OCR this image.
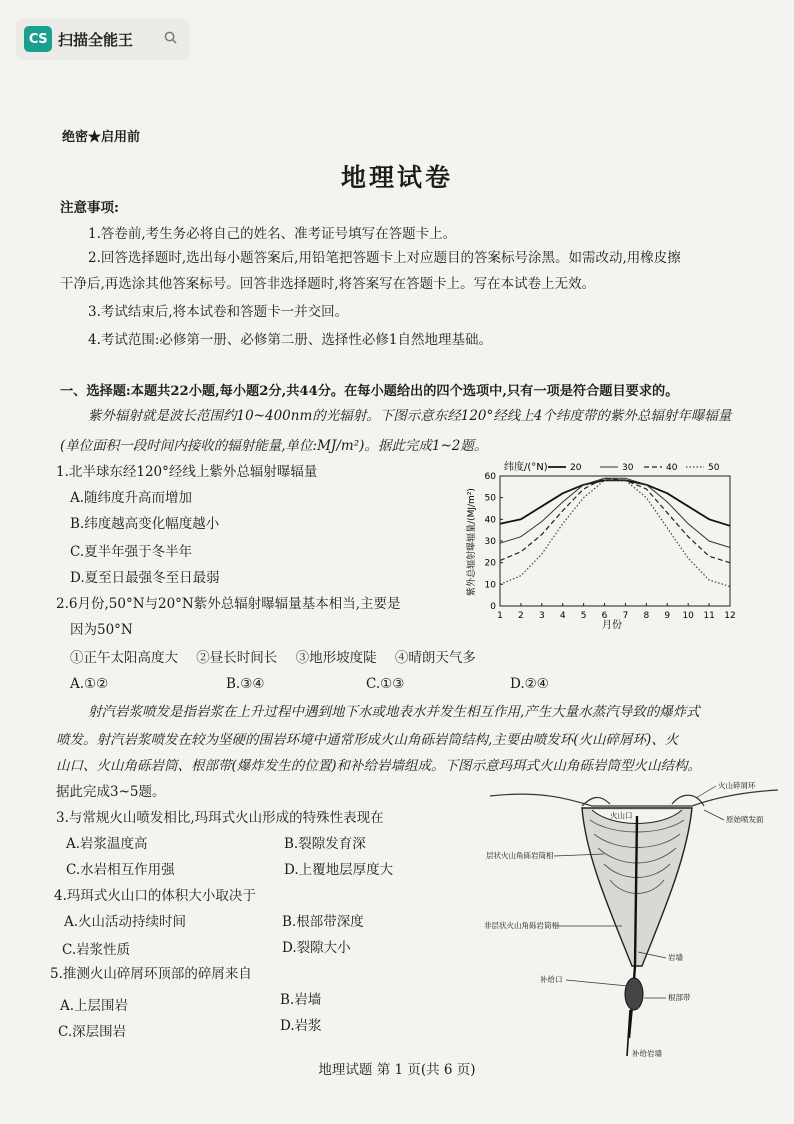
CS 扫描全能王
绝密★启用前
地理试卷
注意事项:
1.答卷前,考生务必将自己的姓名、准考证号填写在答题卡上。
2.回答选择题时,选出每小题答案后,用铅笔把答题卡上对应题目的答案标号涂黑。如需改动,用橡皮擦
干净后,再选涂其他答案标号。回答非选择题时,将答案写在答题卡上。写在本试卷上无效。
3.考试结束后,将本试卷和答题卡一并交回。
4.考试范围:必修第一册、必修第二册、选择性必修1自然地理基础。
一、选择题:本题共22小题,每小题2分,共44分。在每小题给出的四个选项中,只有一项是符合题目要求的。
紫外辐射就是波长范围约10~400nm的光辐射。下图示意东经120°经线上4个纬度带的紫外总辐射年曝辐量
(单位面积一段时间内接收的辐射能量,单位:MJ/m²)。据此完成1~2题。
1.北半球东经120°经线上紫外总辐射曝辐量
A.随纬度升高而增加
B.纬度越高变化幅度越小
C.夏半年强于冬半年
D.夏至日最强冬至日最弱
2.6月份,50°N与20°N紫外总辐射曝辐量基本相当,主要是
因为50°N
①正午太阳高度大 ②昼长时间长 ③地形坡度陡 ④晴朗天气多
A.①②	B.③④	C.①③	D.②④
0
10
20
30
40
50
60
1 2 3 4 5 6 7 8 9 10 11 12
20	30	40	50
紫外总辐射曝辐量/(MJ/m²)
月份
纬度/(°N)
射汽岩浆喷发是指岩浆在上升过程中遇到地下水或地表水并发生相互作用,产生大量水蒸汽导致的爆炸式
喷发。射汽岩浆喷发在较为坚硬的围岩环境中通常形成火山角砾岩筒结构,主要由喷发环(火山碎屑环)、火
山口、火山角砾岩筒、根部带(爆炸发生的位置)和补给岩墙组成。下图示意玛珥式火山角砾岩筒型火山结构。
据此完成3~5题。
3.与常规火山喷发相比,玛珥式火山形成的特殊性表现在
A.岩浆温度高	B.裂隙发育深
C.水岩相互作用强	D.上覆地层厚度大
4.玛珥式火山口的体积大小取决于
A.火山活动持续时间	B.根部带深度
C.岩浆性质	D.裂隙大小
5.推测火山碎屑环顶部的碎屑来自
A.上层围岩	B.岩墙
C.深层围岩	D.岩浆
火山碎屑环
火山口	原始喷发面
层状火山角砾岩筒相
非层状火山角砾岩筒相
岩墙
补给口
根部带
补给岩墙
地理试题 第 1 页(共 6 页)
